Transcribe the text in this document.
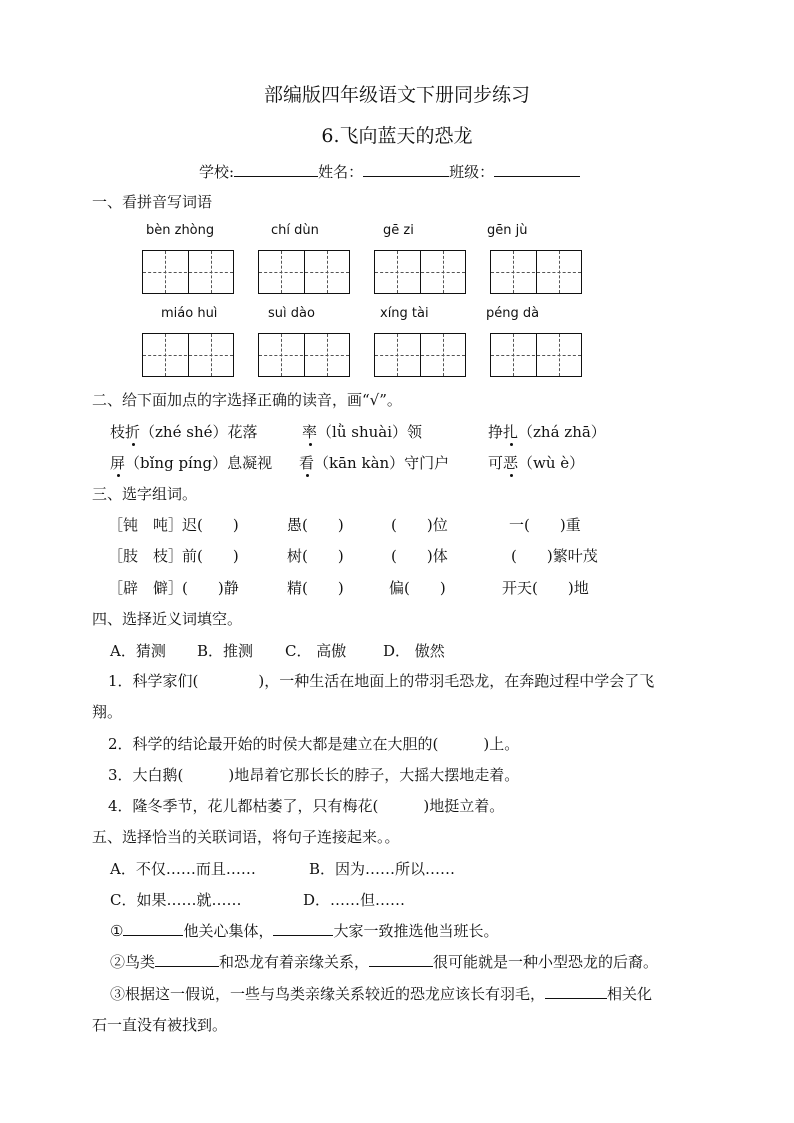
部编版四年级语文下册同步练习
6.飞向蓝天的恐龙
学校:	姓名：	班级：
一、看拼音写词语
bèn zhòng	chí dùn	gē zi	gēn jù
miáo huì	suì dào	xíng tài	péng dà
二、给下面加点的字选择正确的读音，画“√”。
枝折（zhé shé）花落	率（lǜ shuài）领	挣扎（zhá zhā）
屏（bǐng píng）息凝视 看（kān kàn）守门户	可恶（wù è）
三、选字组词。
［钝　吨］
迟(　　)	愚(　　)	(　　)位	一(　　)重
［肢　枝］
前(　　)	树(　　)	(　　)体	(　　)繁叶茂
［辟　僻］
(　　)静	精(　　)	偏(　　)	开天(　　)地
四、选择近义词填空。
A．猜测 B．推测 C． 高傲 D． 傲然
1．科学家们(　　　　)，一种生活在地面上的带羽毛恐龙，在奔跑过程中学会了飞
翔。
2．科学的结论最开始的时侯大都是建立在大胆的(　　　)上。
3．大白鹅(　　　)地昂着它那长长的脖子，大摇大摆地走着。
4．隆冬季节，花儿都枯萎了，只有梅花(　　　)地挺立着。
五、选择恰当的关联词语，将句子连接起来。。
A．不仅……而且……	B．因为……所以……
C．如果……就……	D．……但……
①	他关心集体，	大家一致推选他当班长。
②鸟类	和恐龙有着亲缘关系，	很可能就是一种小型恐龙的后裔。
③根据这一假说，一些与鸟类亲缘关系较近的恐龙应该长有羽毛，	相关化
石一直没有被找到。
